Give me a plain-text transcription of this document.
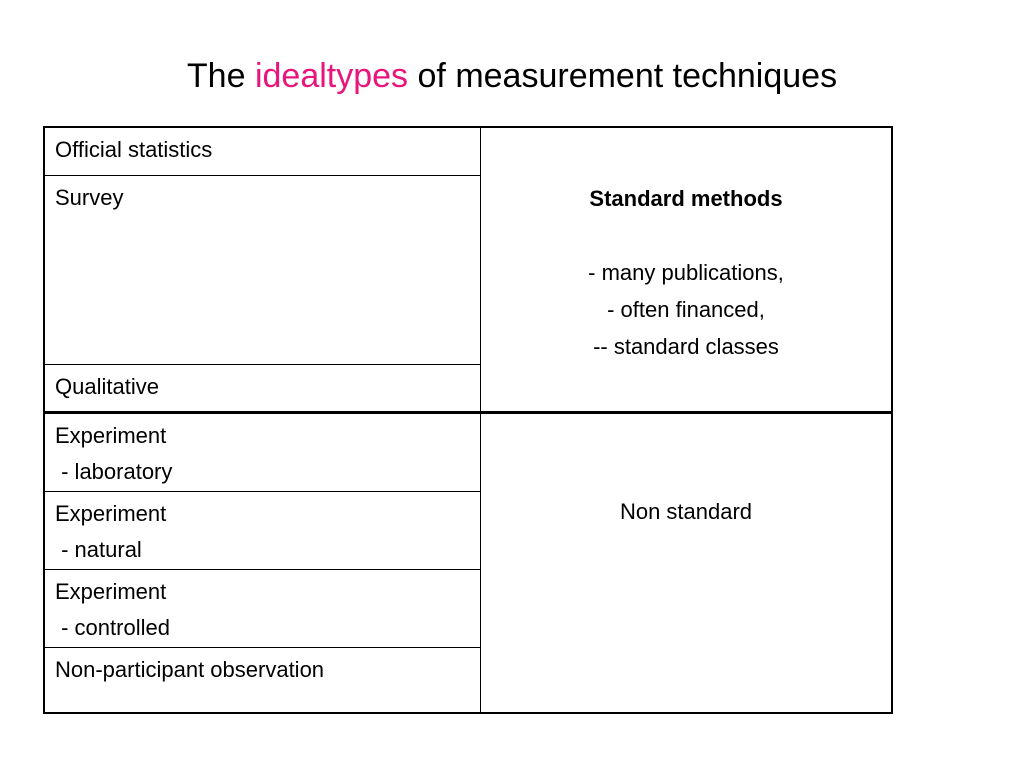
The idealtypes of measurement techniques
Official statistics
Survey
Qualitative
Standard methods
- many publications,
- often financed,
-- standard classes
Experiment
- laboratory
Experiment
- natural
Experiment
- controlled
Non-participant observation
Non standard
